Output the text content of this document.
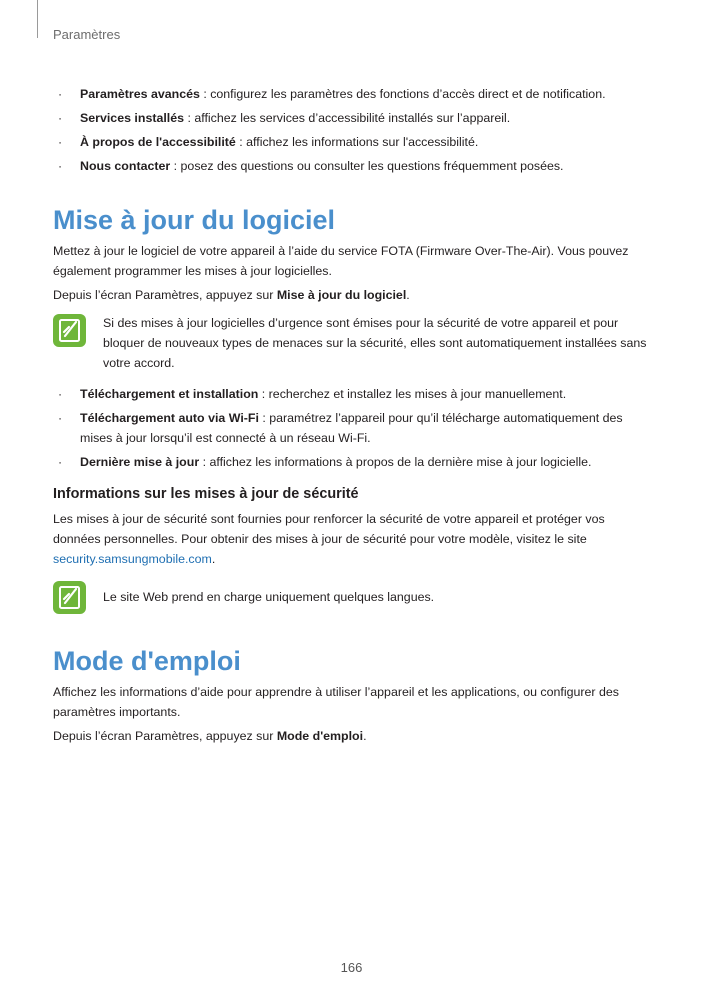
Paramètres
· Paramètres avancés : configurez les paramètres des fonctions d’accès direct et de notification.
· Services installés : affichez les services d’accessibilité installés sur l’appareil.
· À propos de l'accessibilité : affichez les informations sur l'accessibilité.
· Nous contacter : posez des questions ou consulter les questions fréquemment posées.
Mise à jour du logiciel

Mettez à jour le logiciel de votre appareil à l’aide du service FOTA (Firmware Over-The-Air). Vous pouvez également programmer les mises à jour logicielles.

Depuis l’écran Paramètres, appuyez sur Mise à jour du logiciel.

Si des mises à jour logicielles d’urgence sont émises pour la sécurité de votre appareil et pour bloquer de nouveaux types de menaces sur la sécurité, elles sont automatiquement installées sans votre accord.

· Téléchargement et installation : recherchez et installez les mises à jour manuellement.
· Téléchargement auto via Wi-Fi : paramétrez l’appareil pour qu’il télécharge automatiquement des mises à jour lorsqu’il est connecté à un réseau Wi-Fi.
· Dernière mise à jour : affichez les informations à propos de la dernière mise à jour logicielle.
Informations sur les mises à jour de sécurité

Les mises à jour de sécurité sont fournies pour renforcer la sécurité de votre appareil et protéger vos données personnelles. Pour obtenir des mises à jour de sécurité pour votre modèle, visitez le site security.samsungmobile.com.

Le site Web prend en charge uniquement quelques langues.

Mode d'emploi

Affichez les informations d’aide pour apprendre à utiliser l’appareil et les applications, ou configurer des paramètres importants.

Depuis l’écran Paramètres, appuyez sur Mode d'emploi.

166
